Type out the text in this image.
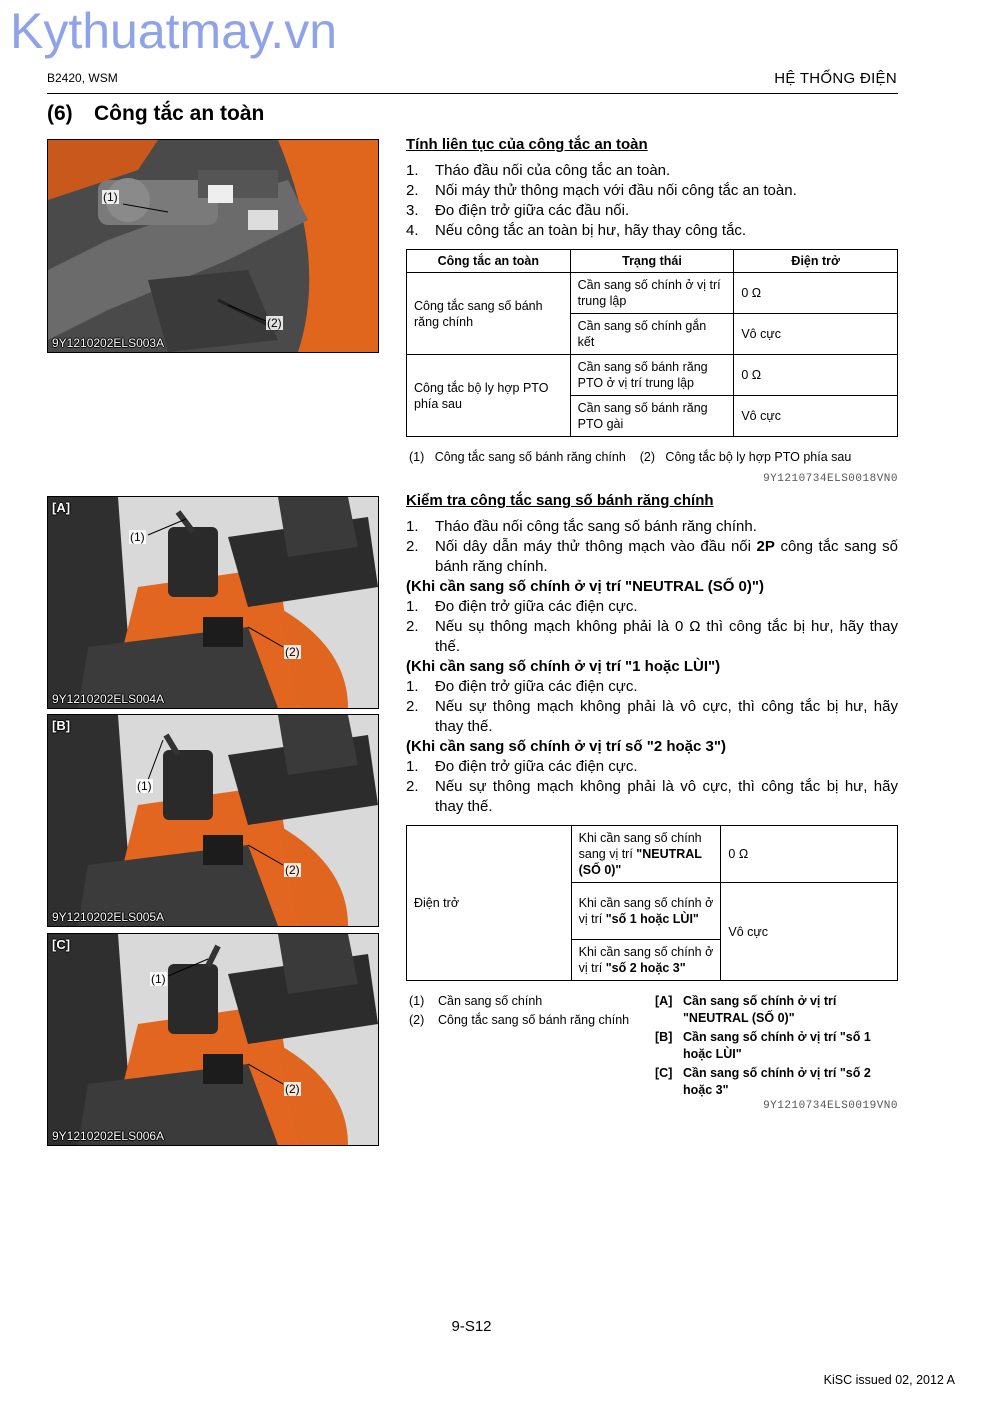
Kythuatmay.vn
B2420, WSM	HỆ THỐNG ĐIỆN
(6) Công tắc an toàn
(1)
(2)
9Y1210202ELS003A
[A]
(1)
(2)
9Y1210202ELS004A
[B]
(1)
(2)
9Y1210202ELS005A
[C]
(1)
(2)
9Y1210202ELS006A
Tính liên tục của công tắc an toàn
1. Tháo đầu nối của công tắc an toàn.
2. Nối máy thử thông mạch với đầu nối công tắc an toàn.
3. Đo điện trở giữa các đầu nối.
4. Nếu công tắc an toàn bị hư, hãy thay công tắc.
Công tắc an toàn	Trạng thái	Điện trở
Công tắc sang số bánh răng chính	Cần sang số chính ở vị trí trung lập	0 Ω
	Cần sang số chính gắn kết	Vô cực
Công tắc bộ ly hợp PTO phía sau	Cần sang số bánh răng PTO ở vị trí trung lập	0 Ω
	Cần sang số bánh răng PTO gài	Vô cực
(1) Công tắc sang số bánh răng chính (2) Công tắc bộ ly hợp PTO phía sau
9Y1210734ELS0018VN0
Kiểm tra công tắc sang số bánh răng chính
1. Tháo đầu nối công tắc sang số bánh răng chính.
2. Nối dây dẫn máy thử thông mạch vào đầu nối 2P công tắc sang số bánh răng chính.
(Khi cần sang số chính ở vị trí "NEUTRAL (SỐ 0)")
1. Đo điện trở giữa các điện cực.
2. Nếu sụ thông mạch không phải là 0 Ω thì công tắc bị hư, hãy thay thế.
(Khi cần sang số chính ở vị trí "1 hoặc LÙI")
1. Đo điện trở giữa các điện cực.
2. Nếu sự thông mạch không phải là vô cực, thì công tắc bị hư, hãy thay thế.
(Khi cần sang số chính ở vị trí số "2 hoặc 3")
1. Đo điện trở giữa các điện cực.
2. Nếu sự thông mạch không phải là vô cực, thì công tắc bị hư, hãy thay thế.
Điện trở	Khi cần sang số chính sang vị trí "NEUTRAL (SỐ 0)"	0 Ω
	Khi cần sang số chính ở vị trí "số 1 hoặc LÙI"	Vô cực
	Khi cần sang số chính ở vị trí "số 2 hoặc 3"	
(1)	Cần sang số chính
(2)	Công tắc sang số bánh răng chính
[A]	Cần sang số chính ở vị trí "NEUTRAL (SỐ 0)"
[B]	Cần sang số chính ở vị trí "số 1 hoặc LÙI"
[C]	Cần sang số chính ở vị trí "số 2 hoặc 3"
9Y1210734ELS0019VN0
9-S12
KiSC issued 02, 2012 A
